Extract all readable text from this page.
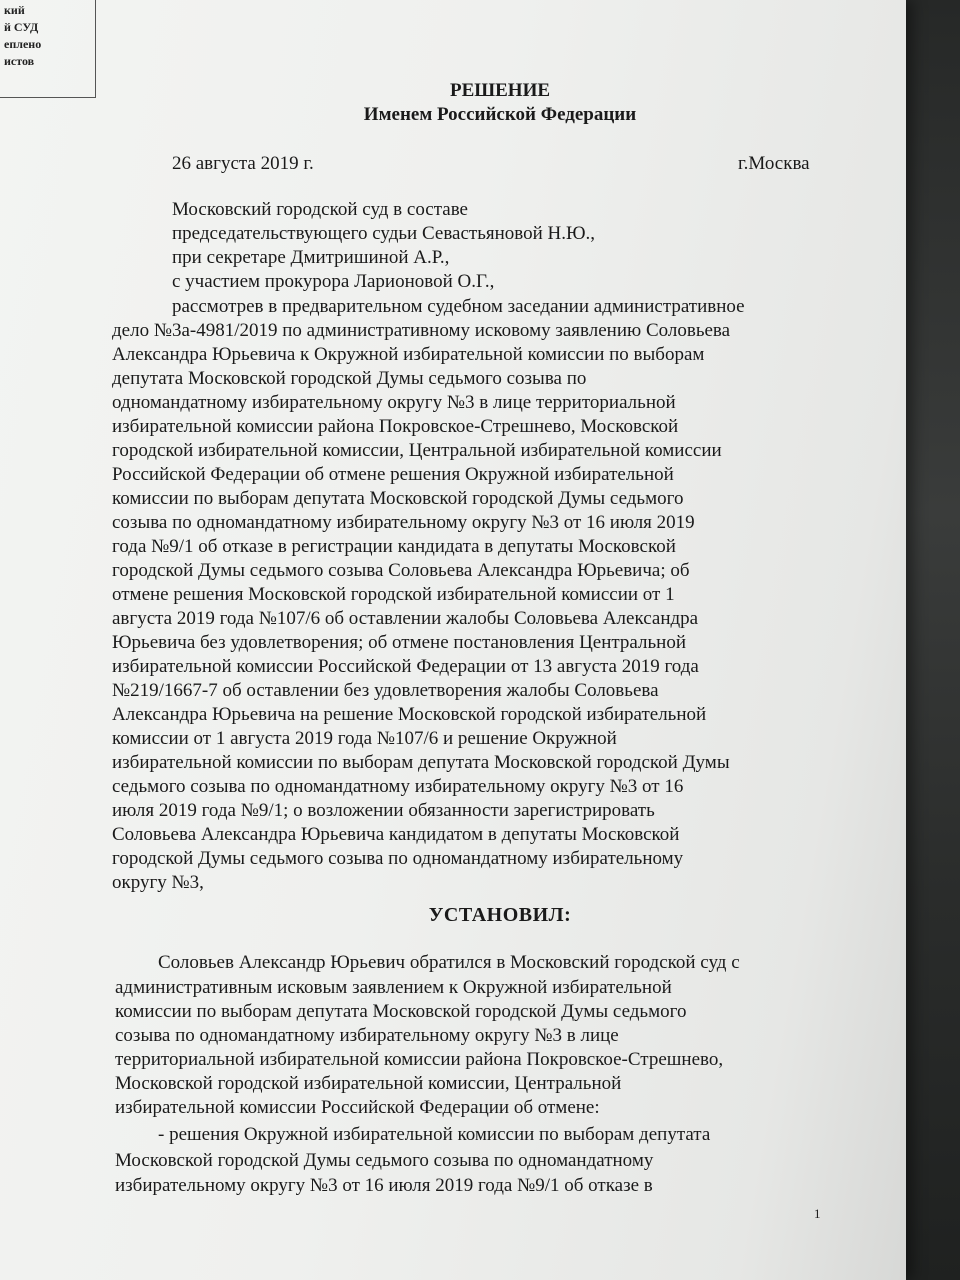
кий
й СУД
еплено
истов
РЕШЕНИЕ
Именем Российской Федерации
26 августа 2019 г.	г.Москва
Московский городской суд в составе
председательствующего судьи Севастьяновой Н.Ю.,
при секретаре Дмитришиной А.Р.,
с участием прокурора Ларионовой О.Г.,
рассмотрев в предварительном судебном заседании административное
дело №3а-4981/2019 по административному исковому заявлению Соловьева
Александра Юрьевича к Окружной избирательной комиссии по выборам
депутата Московской городской Думы седьмого созыва по
одномандатному избирательному округу №3 в лице территориальной
избирательной комиссии района Покровское-Стрешнево, Московской
городской избирательной комиссии, Центральной избирательной комиссии
Российской Федерации об отмене решения Окружной избирательной
комиссии по выборам депутата Московской городской Думы седьмого
созыва по одномандатному избирательному округу №3 от 16 июля 2019
года №9/1 об отказе в регистрации кандидата в депутаты Московской
городской Думы седьмого созыва Соловьева Александра Юрьевича; об
отмене решения Московской городской избирательной комиссии от 1
августа 2019 года №107/6 об оставлении жалобы Соловьева Александра
Юрьевича без удовлетворения; об отмене постановления Центральной
избирательной комиссии Российской Федерации от 13 августа 2019 года
№219/1667-7 об оставлении без удовлетворения жалобы Соловьева
Александра Юрьевича на решение Московской городской избирательной
комиссии от 1 августа 2019 года №107/6 и решение Окружной
избирательной комиссии по выборам депутата Московской городской Думы
седьмого созыва по одномандатному избирательному округу №3 от 16
июля 2019 года №9/1; о возложении обязанности зарегистрировать
Соловьева Александра Юрьевича кандидатом в депутаты Московской
городской Думы седьмого созыва по одномандатному избирательному
округу №3,
УСТАНОВИЛ:
Соловьев Александр Юрьевич обратился в Московский городской суд с
административным исковым заявлением к Окружной избирательной
комиссии по выборам депутата Московской городской Думы седьмого
созыва по одномандатному избирательному округу №3 в лице
территориальной избирательной комиссии района Покровское-Стрешнево,
Московской городской избирательной комиссии, Центральной
избирательной комиссии Российской Федерации об отмене:
- решения Окружной избирательной комиссии по выборам депутата
Московской городской Думы седьмого созыва по одномандатному
избирательному округу №3 от 16 июля 2019 года №9/1 об отказе в
1
